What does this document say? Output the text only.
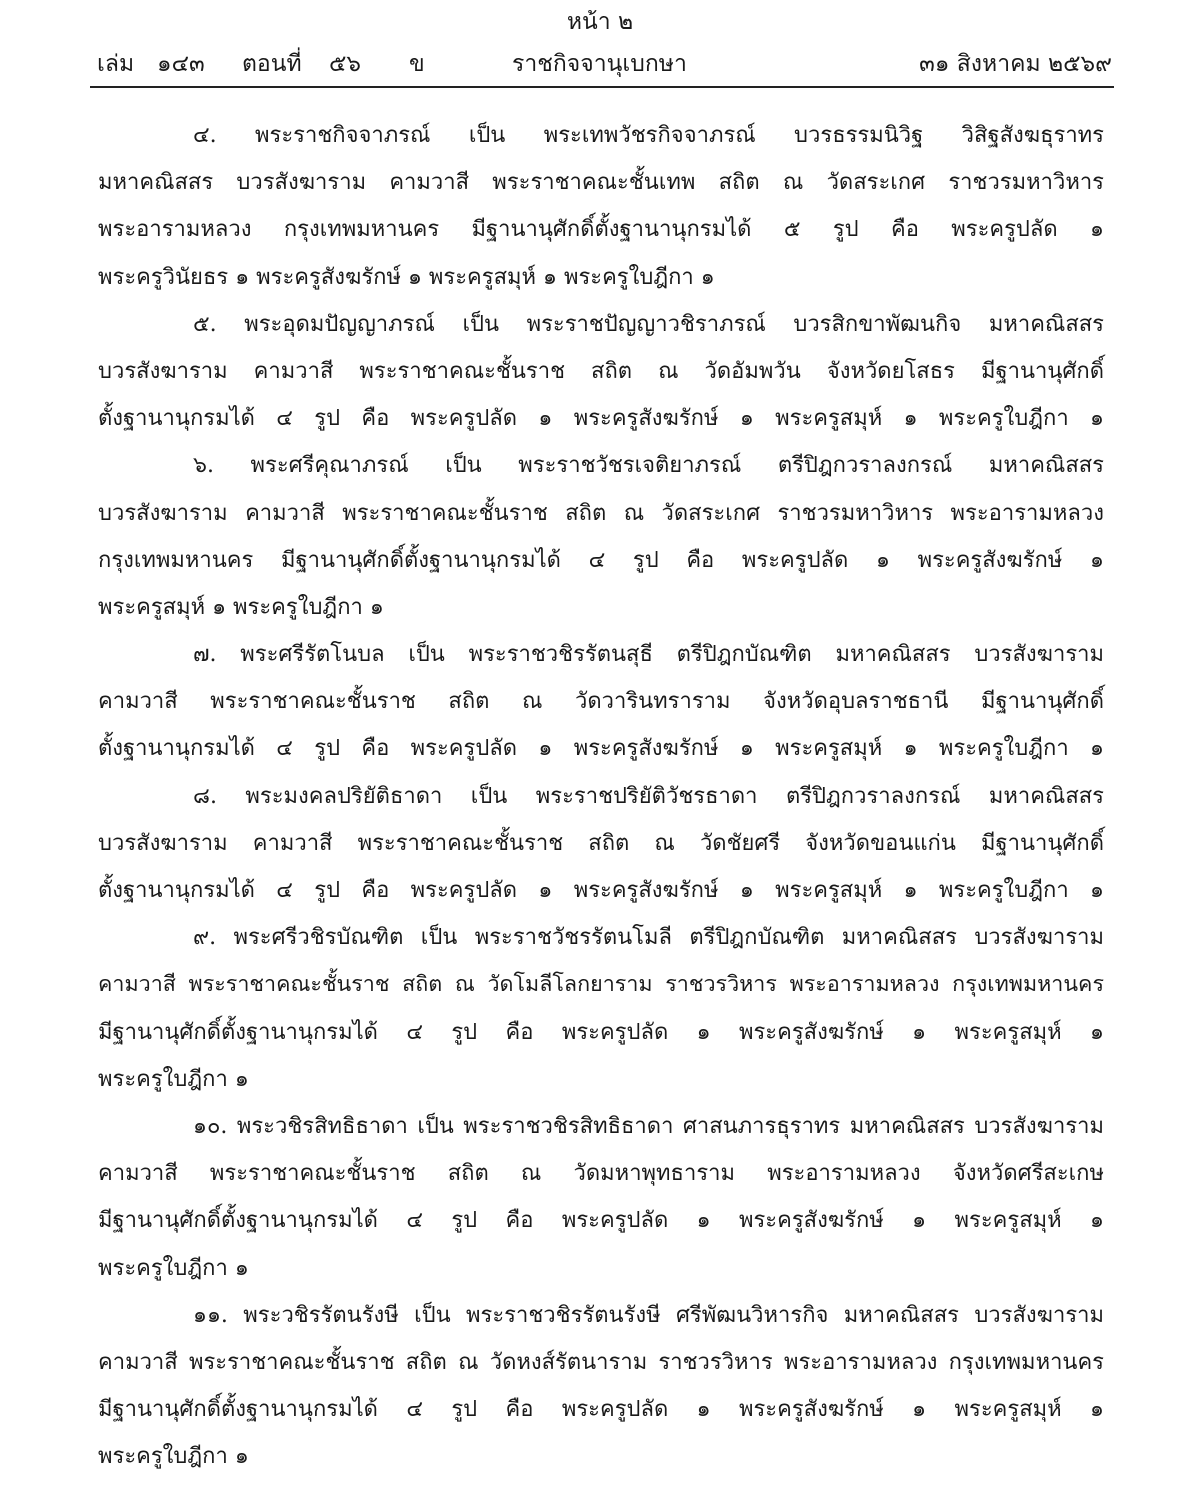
หน้า ๒
เล่ม ๑๔๓ ตอนที่ ๕๖ ข	ราชกิจจานุเบกษา	๓๑ สิงหาคม ๒๕๖๙
๔. พระราชกิจจาภรณ์ เป็น พระเทพวัชรกิจจาภรณ์ บวรธรรมนิวิฐ วิสิฐสังฆธุราทร
มหาคณิสสร บวรสังฆาราม คามวาสี พระราชาคณะชั้นเทพ สถิต ณ วัดสระเกศ ราชวรมหาวิหาร
พระอารามหลวง กรุงเทพมหานคร มีฐานานุศักดิ์ตั้งฐานานุกรมได้ ๕ รูป คือ พระครูปลัด ๑
พระครูวินัยธร ๑ พระครูสังฆรักษ์ ๑ พระครูสมุห์ ๑ พระครูใบฎีกา ๑
๕. พระอุดมปัญญาภรณ์ เป็น พระราชปัญญาวชิราภรณ์ บวรสิกขาพัฒนกิจ มหาคณิสสร
บวรสังฆาราม คามวาสี พระราชาคณะชั้นราช สถิต ณ วัดอัมพวัน จังหวัดยโสธร มีฐานานุศักดิ์
ตั้งฐานานุกรมได้ ๔ รูป คือ พระครูปลัด ๑ พระครูสังฆรักษ์ ๑ พระครูสมุห์ ๑ พระครูใบฎีกา ๑
๖. พระศรีคุณาภรณ์ เป็น พระราชวัชรเจติยาภรณ์ ตรีปิฎกวราลงกรณ์ มหาคณิสสร
บวรสังฆาราม คามวาสี พระราชาคณะชั้นราช สถิต ณ วัดสระเกศ ราชวรมหาวิหาร พระอารามหลวง
กรุงเทพมหานคร มีฐานานุศักดิ์ตั้งฐานานุกรมได้ ๔ รูป คือ พระครูปลัด ๑ พระครูสังฆรักษ์ ๑
พระครูสมุห์ ๑ พระครูใบฎีกา ๑
๗. พระศรีรัตโนบล เป็น พระราชวชิรรัตนสุธี ตรีปิฎกบัณฑิต มหาคณิสสร บวรสังฆาราม
คามวาสี พระราชาคณะชั้นราช สถิต ณ วัดวารินทราราม จังหวัดอุบลราชธานี มีฐานานุศักดิ์
ตั้งฐานานุกรมได้ ๔ รูป คือ พระครูปลัด ๑ พระครูสังฆรักษ์ ๑ พระครูสมุห์ ๑ พระครูใบฎีกา ๑
๘. พระมงคลปริยัติธาดา เป็น พระราชปริยัติวัชรธาดา ตรีปิฎกวราลงกรณ์ มหาคณิสสร
บวรสังฆาราม คามวาสี พระราชาคณะชั้นราช สถิต ณ วัดชัยศรี จังหวัดขอนแก่น มีฐานานุศักดิ์
ตั้งฐานานุกรมได้ ๔ รูป คือ พระครูปลัด ๑ พระครูสังฆรักษ์ ๑ พระครูสมุห์ ๑ พระครูใบฎีกา ๑
๙. พระศรีวชิรบัณฑิต เป็น พระราชวัชรรัตนโมลี ตรีปิฎกบัณฑิต มหาคณิสสร บวรสังฆาราม
คามวาสี พระราชาคณะชั้นราช สถิต ณ วัดโมลีโลกยาราม ราชวรวิหาร พระอารามหลวง กรุงเทพมหานคร
มีฐานานุศักดิ์ตั้งฐานานุกรมได้ ๔ รูป คือ พระครูปลัด ๑ พระครูสังฆรักษ์ ๑ พระครูสมุห์ ๑
พระครูใบฎีกา ๑
๑๐. พระวชิรสิทธิธาดา เป็น พระราชวชิรสิทธิธาดา ศาสนภารธุราทร มหาคณิสสร บวรสังฆาราม
คามวาสี พระราชาคณะชั้นราช สถิต ณ วัดมหาพุทธาราม พระอารามหลวง จังหวัดศรีสะเกษ
มีฐานานุศักดิ์ตั้งฐานานุกรมได้ ๔ รูป คือ พระครูปลัด ๑ พระครูสังฆรักษ์ ๑ พระครูสมุห์ ๑
พระครูใบฎีกา ๑
๑๑. พระวชิรรัตนรังษี เป็น พระราชวชิรรัตนรังษี ศรีพัฒนวิหารกิจ มหาคณิสสร บวรสังฆาราม
คามวาสี พระราชาคณะชั้นราช สถิต ณ วัดหงส์รัตนาราม ราชวรวิหาร พระอารามหลวง กรุงเทพมหานคร
มีฐานานุศักดิ์ตั้งฐานานุกรมได้ ๔ รูป คือ พระครูปลัด ๑ พระครูสังฆรักษ์ ๑ พระครูสมุห์ ๑
พระครูใบฎีกา ๑
